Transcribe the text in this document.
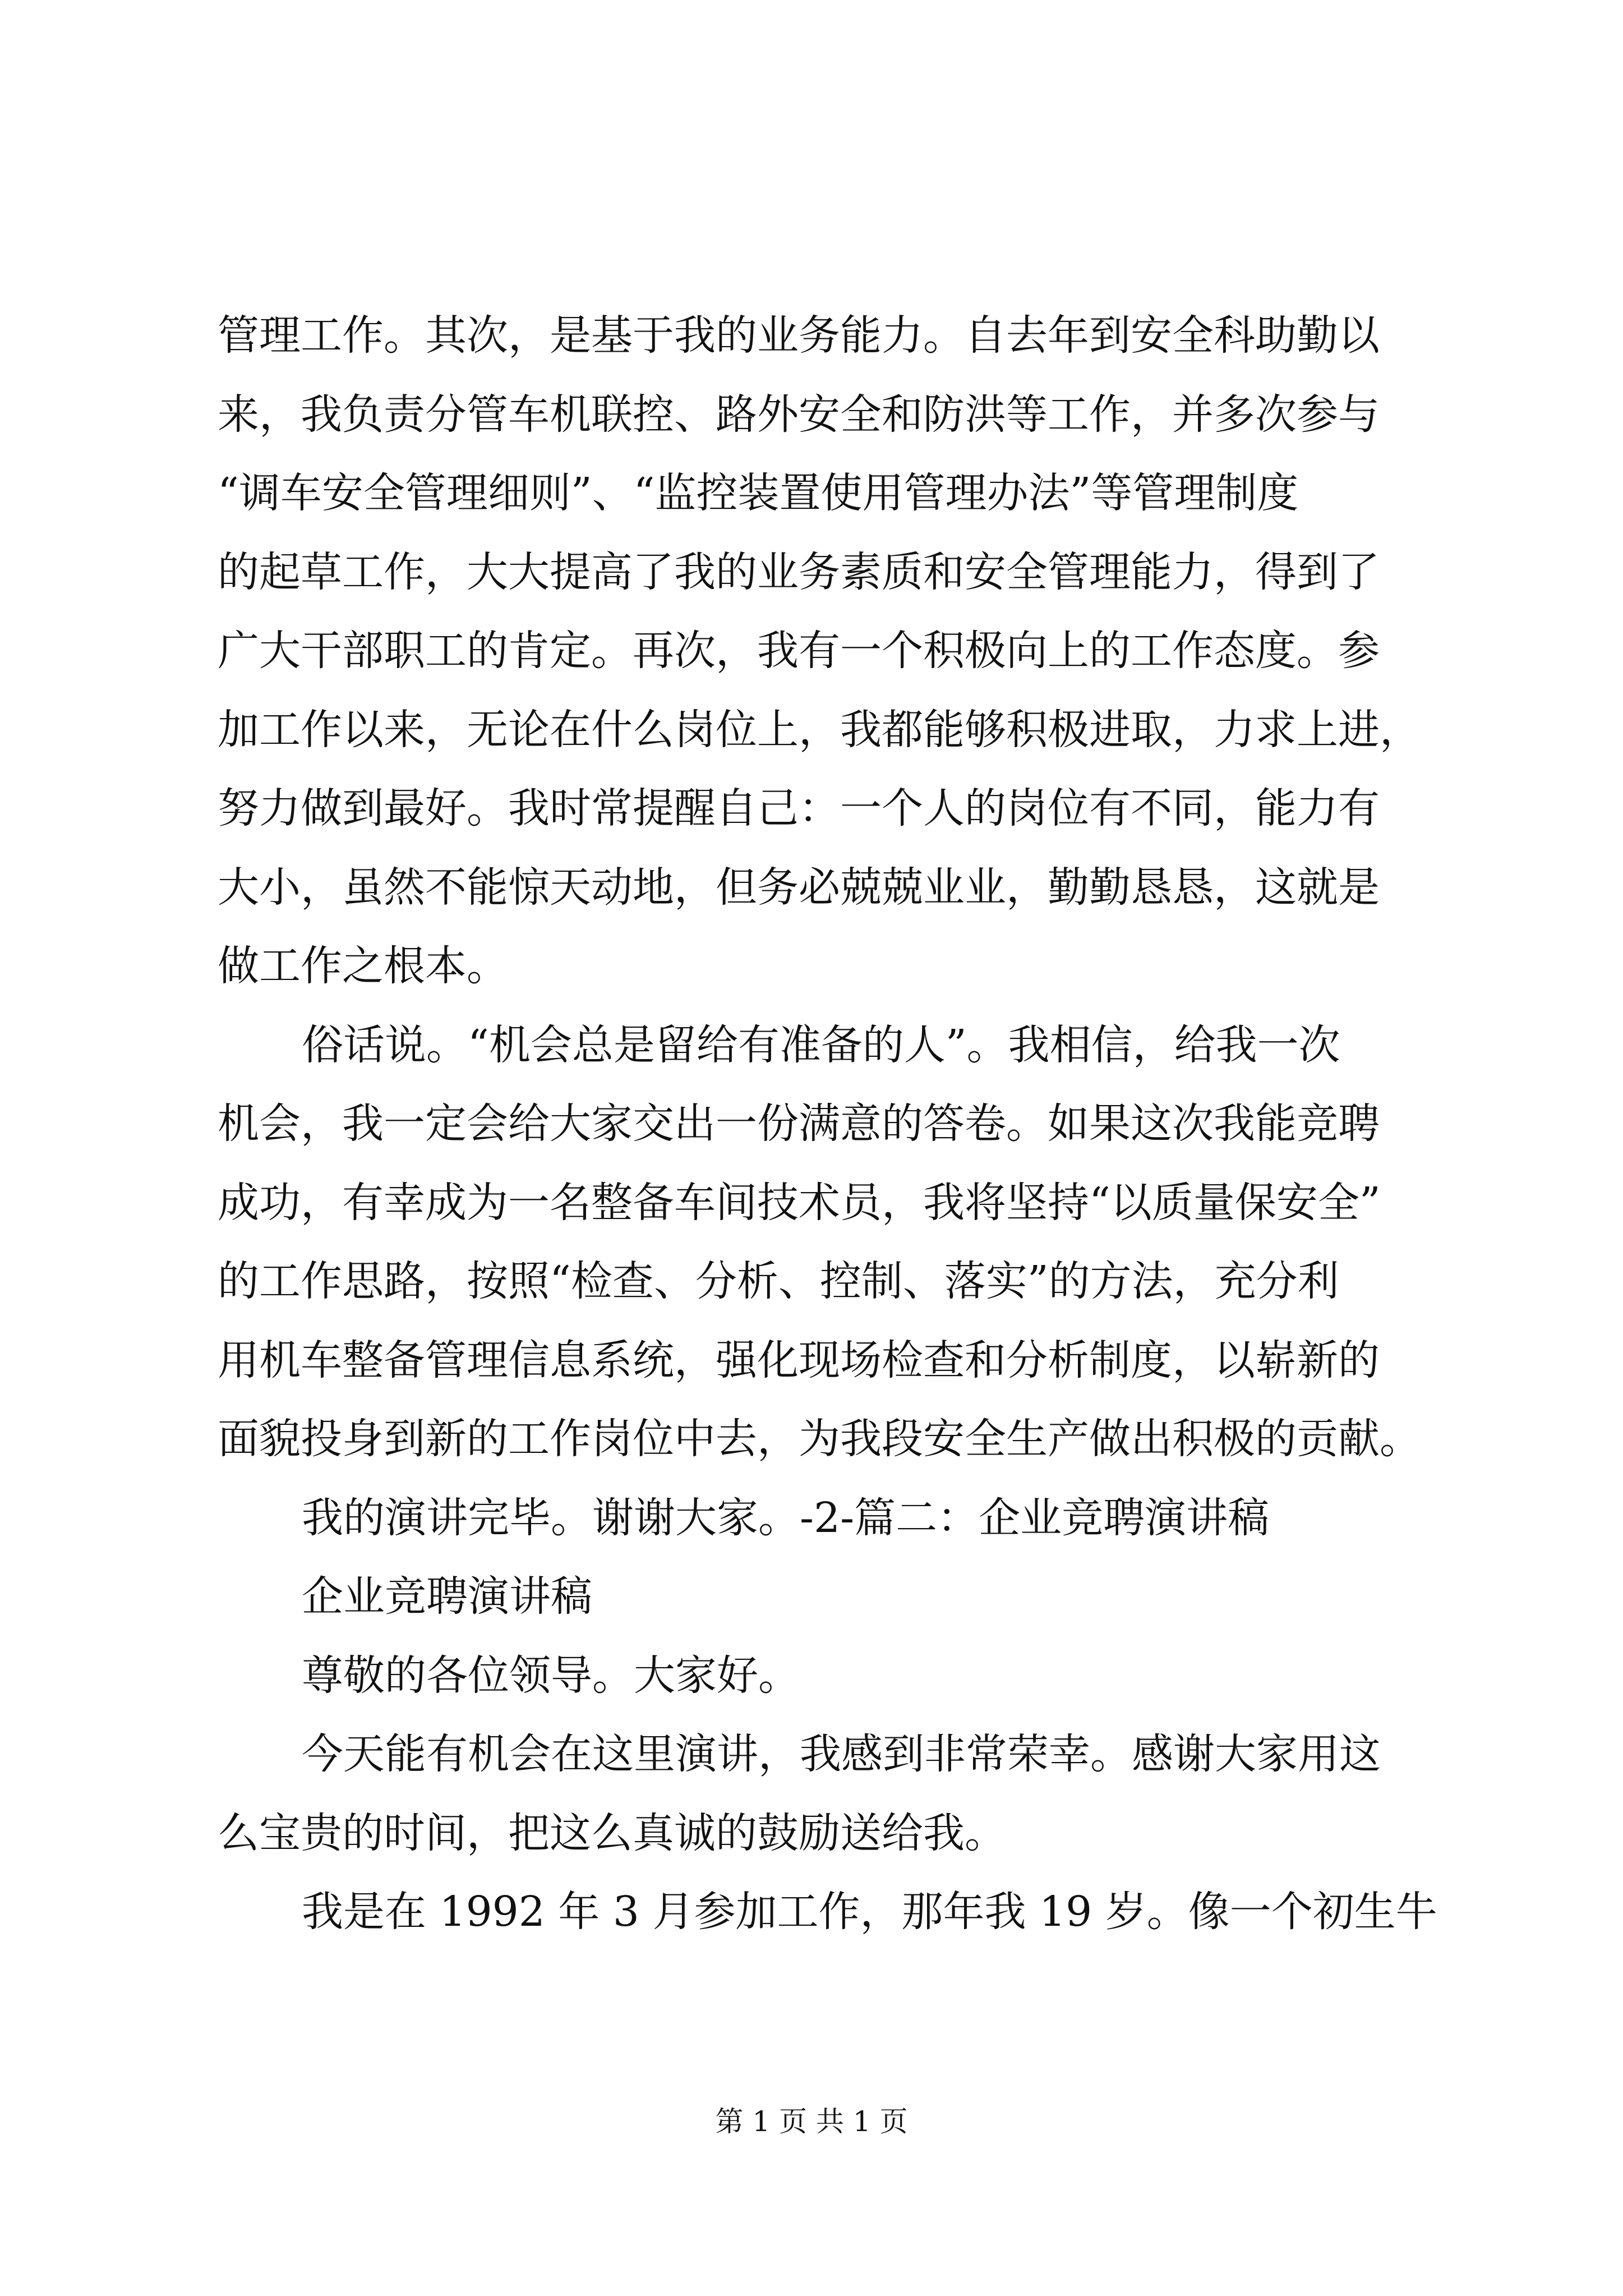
管理工作。其次，是基于我的业务能力。自去年到安全科助勤以
来，我负责分管车机联控、路外安全和防洪等工作，并多次参与
“调车安全管理细则”、“监控装置使用管理办法”等管理制度
的起草工作，大大提高了我的业务素质和安全管理能力，得到了
广大干部职工的肯定。再次，我有一个积极向上的工作态度。参
加工作以来，无论在什么岗位上，我都能够积极进取，力求上进，
努力做到最好。我时常提醒自己：一个人的岗位有不同，能力有
大小，虽然不能惊天动地，但务必兢兢业业，勤勤恳恳，这就是
做工作之根本。
俗话说。“机会总是留给有准备的人”。我相信，给我一次
机会，我一定会给大家交出一份满意的答卷。如果这次我能竞聘
成功，有幸成为一名整备车间技术员，我将坚持“以质量保安全”
的工作思路，按照“检查、分析、控制、落实”的方法，充分利
用机车整备管理信息系统，强化现场检查和分析制度，以崭新的
面貌投身到新的工作岗位中去，为我段安全生产做出积极的贡献。
我的演讲完毕。谢谢大家。-2-篇二：企业竞聘演讲稿
企业竞聘演讲稿
尊敬的各位领导。大家好。
今天能有机会在这里演讲，我感到非常荣幸。感谢大家用这
么宝贵的时间，把这么真诚的鼓励送给我。
我是在 1992 年 3 月参加工作，那年我 19 岁。像一个初生牛
第 1 页 共 1 页
